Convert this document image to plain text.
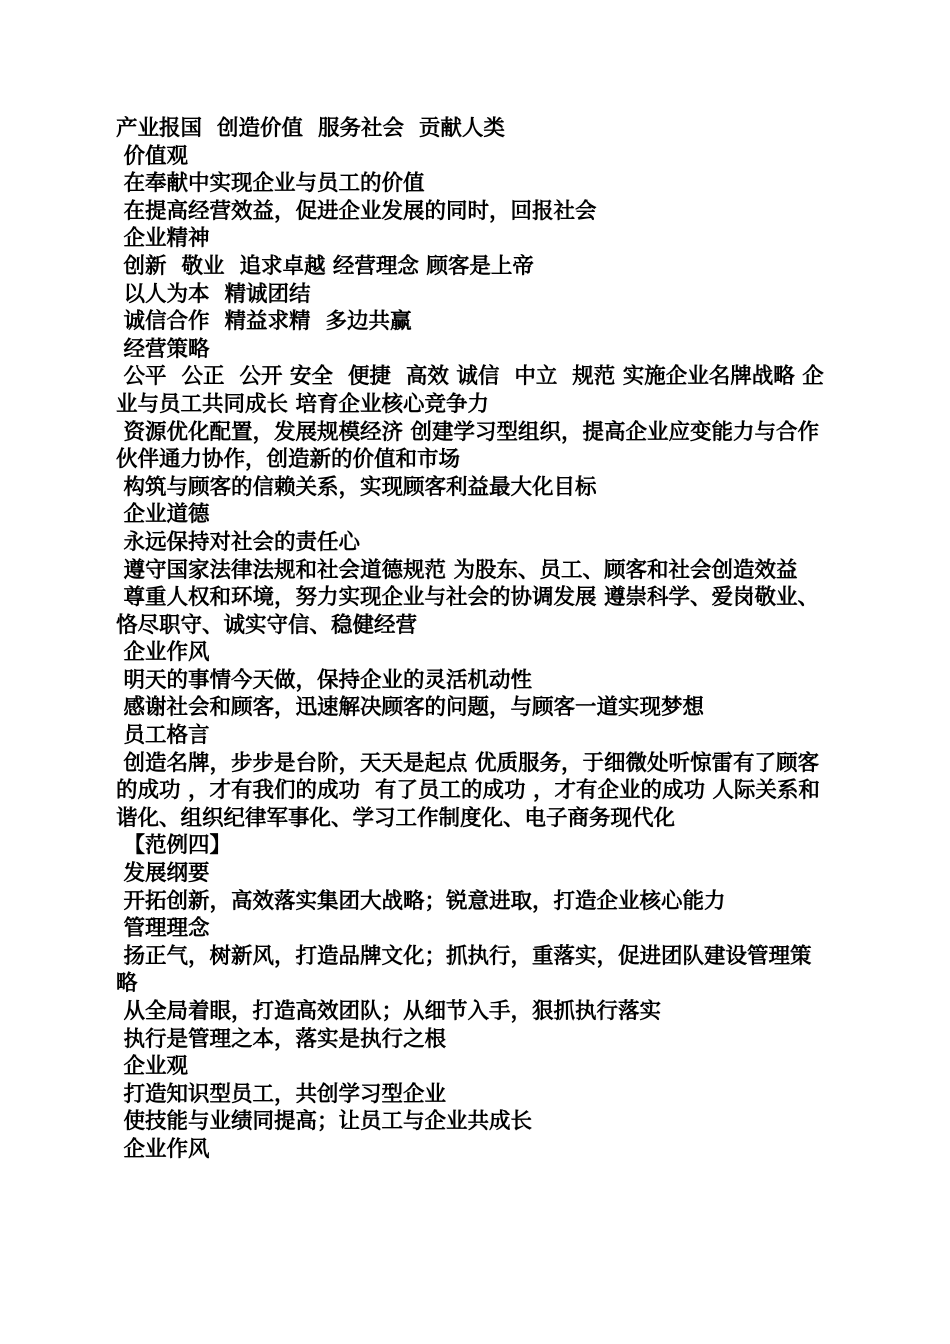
产业报国  创造价值  服务社会  贡献人类

价值观

在奉献中实现企业与员工的价值

在提高经营效益，促进企业发展的同时，回报社会

企业精神

创新  敬业  追求卓越 经营理念 顾客是上帝

以人为本  精诚团结

诚信合作  精益求精  多边共赢

经营策略

公平  公正  公开 安全  便捷  高效 诚信  中立  规范 实施企业名牌战略 企业与员工共同成长 培育企业核心竞争力

资源优化配置，发展规模经济 创建学习型组织，提高企业应变能力与合作伙伴通力协作，创造新的价值和市场

构筑与顾客的信赖关系，实现顾客利益最大化目标

企业道德

永远保持对社会的责任心

遵守国家法律法规和社会道德规范 为股东、员工、顾客和社会创造效益

尊重人权和环境，努力实现企业与社会的协调发展 遵崇科学、爱岗敬业、恪尽职守、诚实守信、稳健经营

企业作风

明天的事情今天做，保持企业的灵活机动性

感谢社会和顾客，迅速解决顾客的问题，与顾客一道实现梦想

员工格言

创造名牌，步步是台阶，天天是起点 优质服务，于细微处听惊雷有了顾客的成功 ，才有我们的成功  有了员工的成功 ，才有企业的成功 人际关系和谐化、组织纪律军事化、学习工作制度化、电子商务现代化

【范例四】

发展纲要

开拓创新，高效落实集团大战略；锐意进取，打造企业核心能力

管理理念

扬正气，树新风，打造品牌文化；抓执行，重落实，促进团队建设管理策略

从全局着眼，打造高效团队；从细节入手，狠抓执行落实

执行是管理之本，落实是执行之根

企业观

打造知识型员工，共创学习型企业

使技能与业绩同提高；让员工与企业共成长

企业作风
